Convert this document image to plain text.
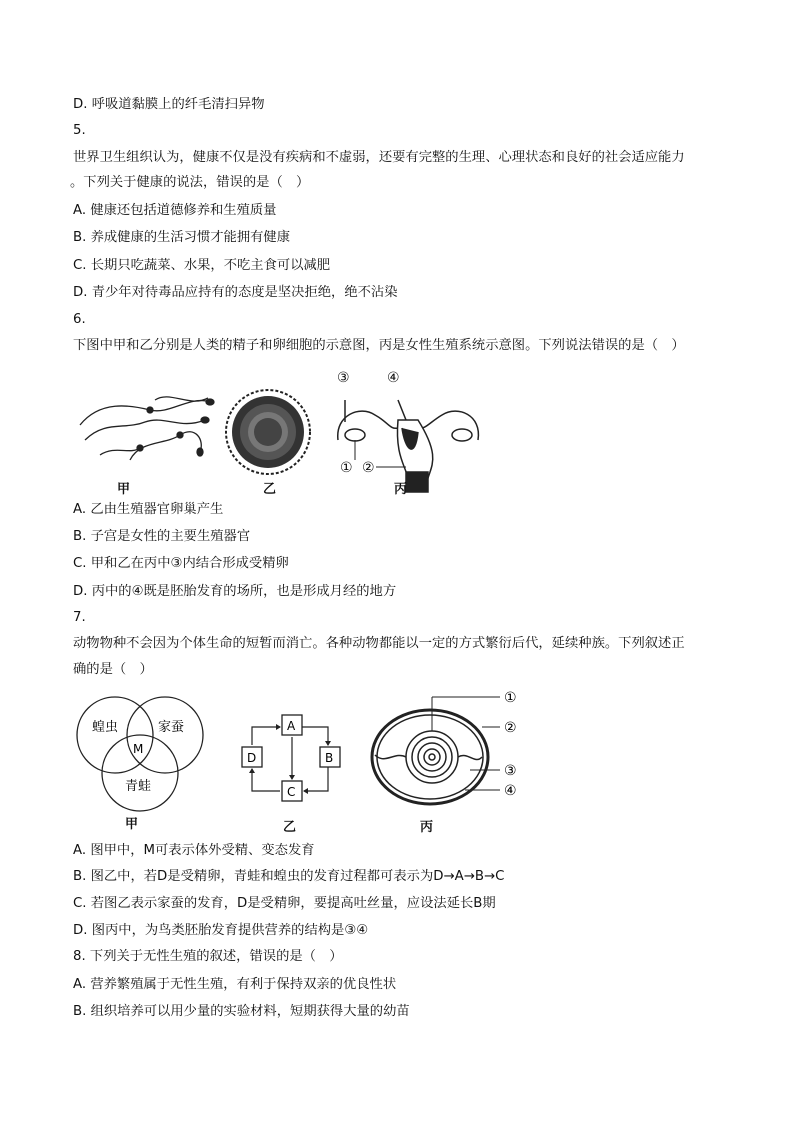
D. 呼吸道黏膜上的纤毛清扫异物
5.
世界卫生组织认为，健康不仅是没有疾病和不虚弱，还要有完整的生理、心理状态和良好的社会适应能力
。下列关于健康的说法，错误的是（　）
A. 健康还包括道德修养和生殖质量
B. 养成健康的生活习惯才能拥有健康
C. 长期只吃蔬菜、水果，不吃主食可以减肥
D. 青少年对待毒品应持有的态度是坚决拒绝，绝不沾染
6.
下图中甲和乙分别是人类的精子和卵细胞的示意图，丙是女性生殖系统示意图。下列说法错误的是（　）
③	④
① ②
甲	乙	丙
A. 乙由生殖器官卵巢产生
B. 子宫是女性的主要生殖器官
C. 甲和乙在丙中③内结合形成受精卵
D. 丙中的④既是胚胎发育的场所，也是形成月经的地方
7.
动物物种不会因为个体生命的短暂而消亡。各种动物都能以一定的方式繁衍后代，延续种族。下列叙述正
确的是（　）
蝗虫	家蚕
青蛙
M
A
D	B
C
①
②
③
④
甲	乙	丙
A. 图甲中，M可表示体外受精、变态发育
B. 图乙中，若D是受精卵，青蛙和蝗虫的发育过程都可表示为D→A→B→C
C. 若图乙表示家蚕的发育，D是受精卵，要提高吐丝量，应设法延长B期
D. 图丙中，为鸟类胚胎发育提供营养的结构是③④
8. 下列关于无性生殖的叙述，错误的是（　）
A. 营养繁殖属于无性生殖，有利于保持双亲的优良性状
B. 组织培养可以用少量的实验材料，短期获得大量的幼苗
